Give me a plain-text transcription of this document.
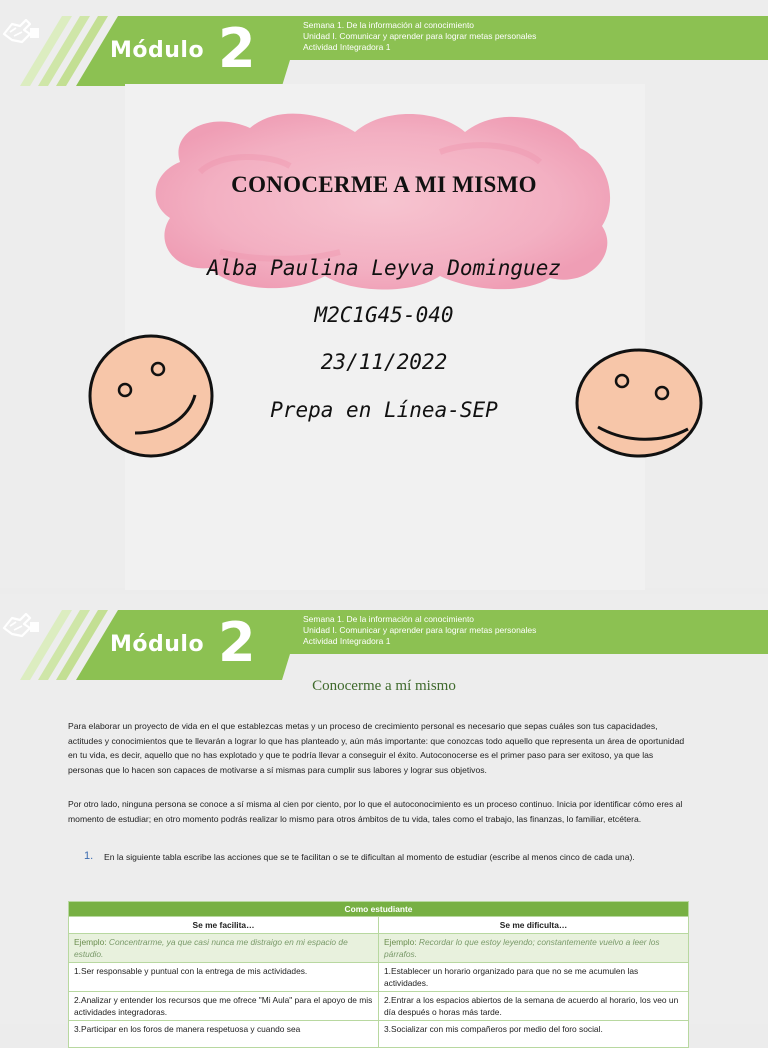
Módulo 2	Semana 1. De la información al conocimiento
Unidad I. Comunicar y aprender para lograr metas personales
Actividad Integradora 1
CONOCERME A MI MISMO
Alba Paulina Leyva Dominguez
M2C1G45-040
23/11/2022
Prepa en Línea-SEP
Módulo 2	Semana 1. De la información al conocimiento
Unidad I. Comunicar y aprender para lograr metas personales
Actividad Integradora 1
Conocerme a mí mismo
Para elaborar un proyecto de vida en el que establezcas metas y un proceso de crecimiento personal es necesario que sepas cuáles son tus capacidades, actitudes y conocimientos que te llevarán a lograr lo que has planteado y, aún más importante: que conozcas todo aquello que representa un área de oportunidad en tu vida, es decir, aquello que no has explotado y que te podría llevar a conseguir el éxito. Autoconocerse es el primer paso para ser exitoso, ya que las personas que lo hacen son capaces de motivarse a sí mismas para cumplir sus labores y lograr sus objetivos.
Por otro lado, ninguna persona se conoce a sí misma al cien por ciento, por lo que el autoconocimiento es un proceso continuo. Inicia por identificar cómo eres al momento de estudiar; en otro momento podrás realizar lo mismo para otros ámbitos de tu vida, tales como el trabajo, las finanzas, lo familiar, etcétera.
1. En la siguiente tabla escribe las acciones que se te facilitan o se te dificultan al momento de estudiar (escribe al menos cinco de cada una).
Como estudiante	
Se me facilita…	Se me dificulta…
Ejemplo: Concentrarme, ya que casi nunca me distraigo en mi espacio de estudio.	Ejemplo: Recordar lo que estoy leyendo; constantemente vuelvo a leer los párrafos.
1.Ser responsable y puntual con la entrega de mis actividades.	1.Establecer un horario organizado para que no se me acumulen las actividades.
2.Analizar y entender los recursos que me ofrece "Mi Aula" para el apoyo de mis actividades integradoras.	2.Entrar a los espacios abiertos de la semana de acuerdo al horario, los veo un día después o horas más tarde.
3.Participar en los foros de manera respetuosa y cuando sea	3.Socializar con mis compañeros por medio del foro social.
